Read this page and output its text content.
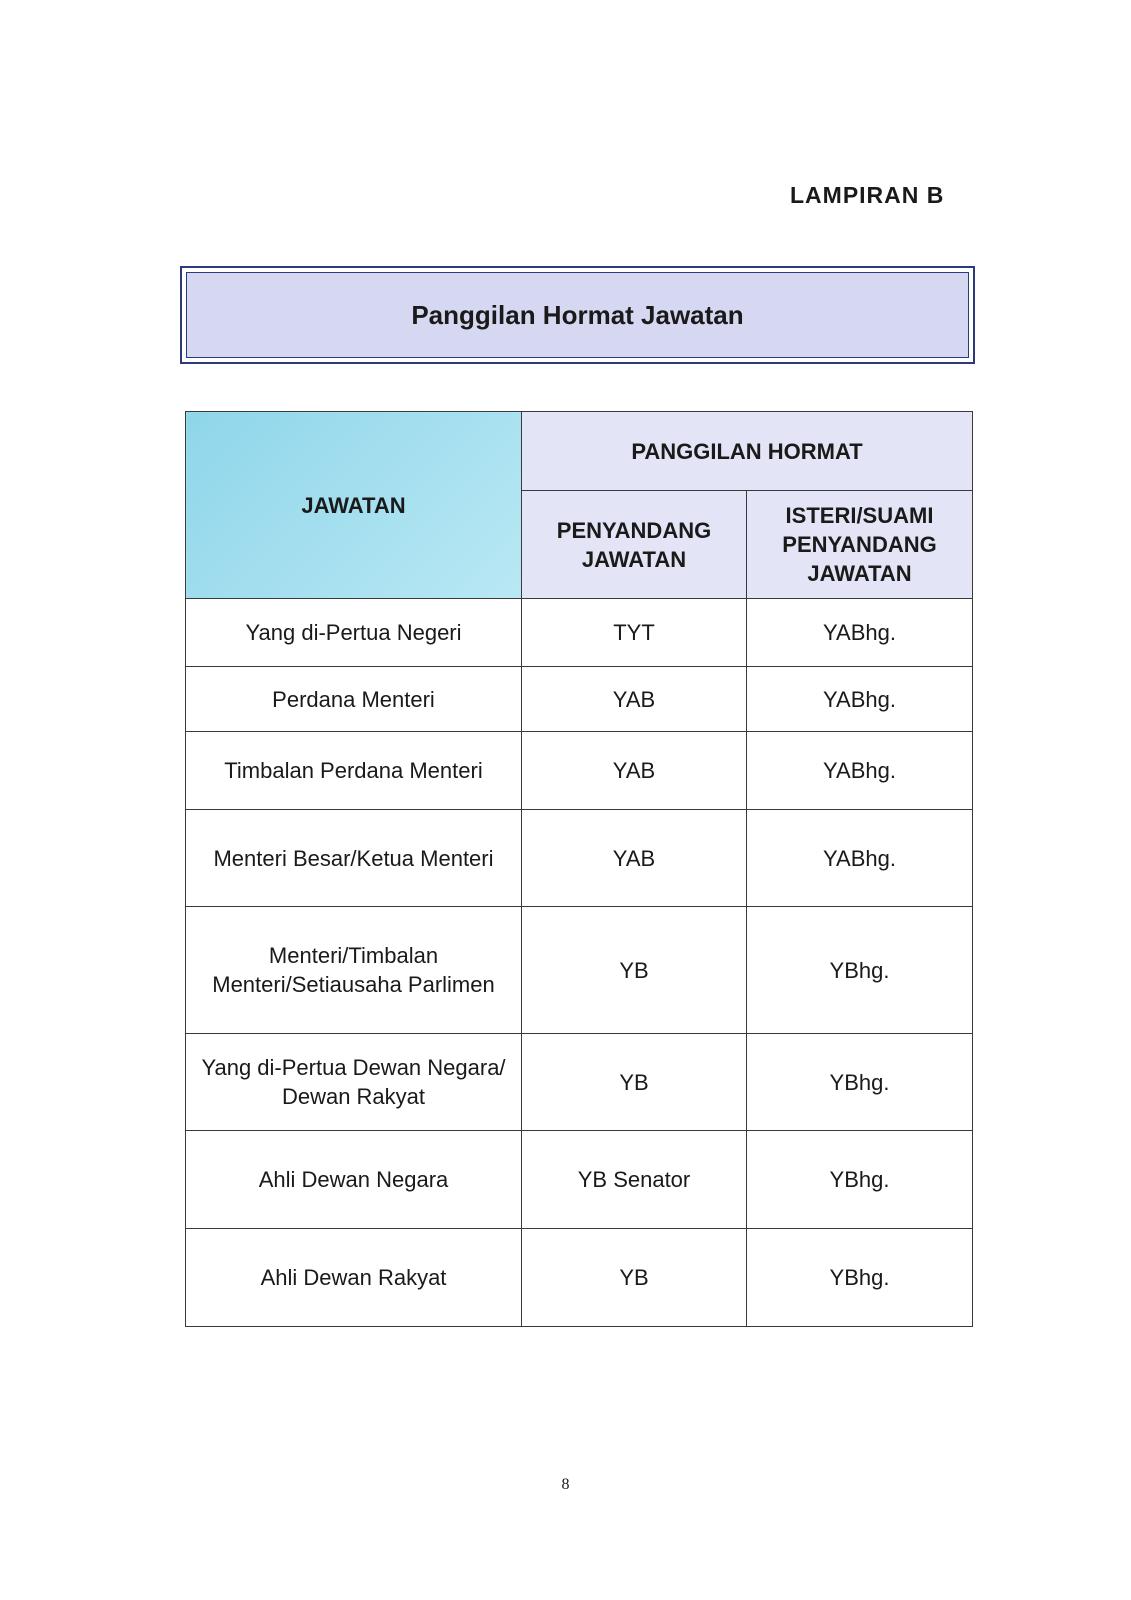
LAMPIRAN B
Panggilan Hormat Jawatan
JAWATAN	PANGGILAN HORMAT	
	PENYANDANG JAWATAN	ISTERI/SUAMI PENYANDANG JAWATAN
Yang di-Pertua Negeri	TYT	YABhg.
Perdana Menteri	YAB	YABhg.
Timbalan Perdana Menteri	YAB	YABhg.
Menteri Besar/Ketua Menteri	YAB	YABhg.
Menteri/Timbalan Menteri/Setiausaha Parlimen	YB	YBhg.
Yang di-Pertua Dewan Negara/ Dewan Rakyat	YB	YBhg.
Ahli Dewan Negara	YB Senator	YBhg.
Ahli Dewan Rakyat	YB	YBhg.
8
